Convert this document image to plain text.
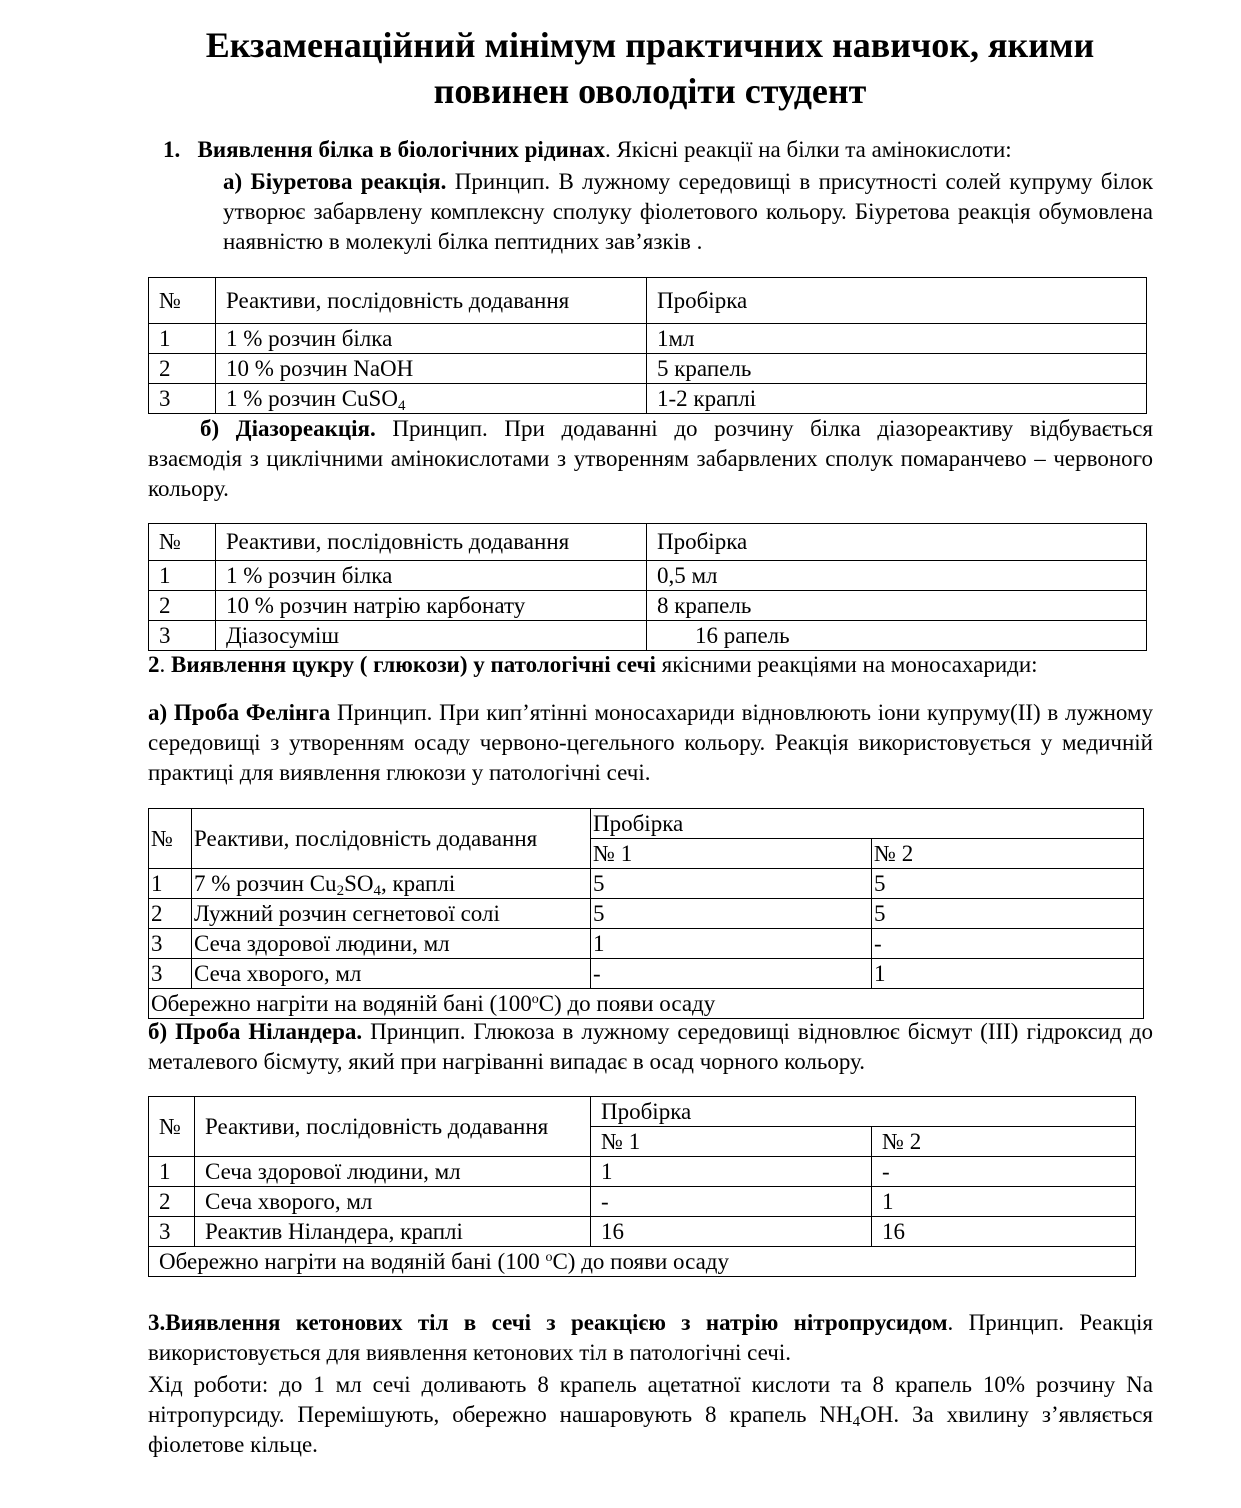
Екзаменаційний мінімум практичних навичок, якими
повинен оволодіти студент

1. Виявлення білка в біологічних рідинах. Якісні реакції на білки та амінокислоти:

а) Біуретова реакція. Принцип. В лужному середовищі в присутності солей купруму білок утворює забарвлену комплексну сполуку фіолетового кольору. Біуретова реакція обумовлена наявністю в молекулі білка пептидних зав’язків .

№	Реактиви, послідовність додавання	Пробірка
1	1 % розчин білка	1мл
2	10 % розчин NaOH	5 крапель
3	1 % розчин CuSO$_4$	1-2 краплі

б) Діазореакція. Принцип. При додаванні до розчину білка діазореактиву відбувається взаємодія з циклічними амінокислотами з утворенням забарвлених сполук помаранчево – червоного кольору.

№	Реактиви, послідовність додавання	Пробірка
1	1 % розчин білка	0,5 мл
2	10 % розчин натрію карбонату	8 крапель
3	Діазосуміш	16 рапель

2. Виявлення цукру ( глюкози) у патологічні сечі якісними реакціями на моносахариди:

а) Проба Фелінга Принцип. При кип’ятінні моносахариди відновлюють іони купруму(ІІ) в лужному середовищі з утворенням осаду червоно-цегельного кольору. Реакція використовується у медичній практиці для виявлення глюкози у патологічні сечі.

№	Реактиви, послідовність додавання	Пробірка	
		№ 1	№ 2
1	7 % розчин $Cu_2SO_4$, краплі	5	5
2	Лужний розчин сегнетової солі	5	5
3	Сеча здорової людини, мл	1	-
3	Сеча хворого, мл	-	1
Обережно нагріти на водяній бані $(100^оС)$ до появи осаду			

б) Проба Ніландера. Принцип. Глюкоза в лужному середовищі відновлює бісмут (ІІІ) гідроксид до металевого бісмуту, який при нагріванні випадає в осад чорного кольору.

№	Реактиви, послідовність додавання	Пробірка	
		№ 1	№ 2
1	Сеча здорової людини, мл	1	-
2	Сеча хворого, мл	-	1
3	Реактив Ніландера, краплі	16	16
Обережно нагріти на водяній бані (100 $^о$С) до появи осаду			

3.Виявлення кетонових тіл в сечі з реакцією з натрію нітропрусидом. Принцип. Реакція використовується для виявлення кетонових тіл в патологічні сечі.

Хід роботи: до 1 мл сечі доливають 8 крапель ацетатної кислоти та 8 крапель 10% розчину Na нітропурсиду. Перемішують, обережно нашаровують 8 крапель $NH_4OH$. За хвилину з’являється фіолетове кільце.
